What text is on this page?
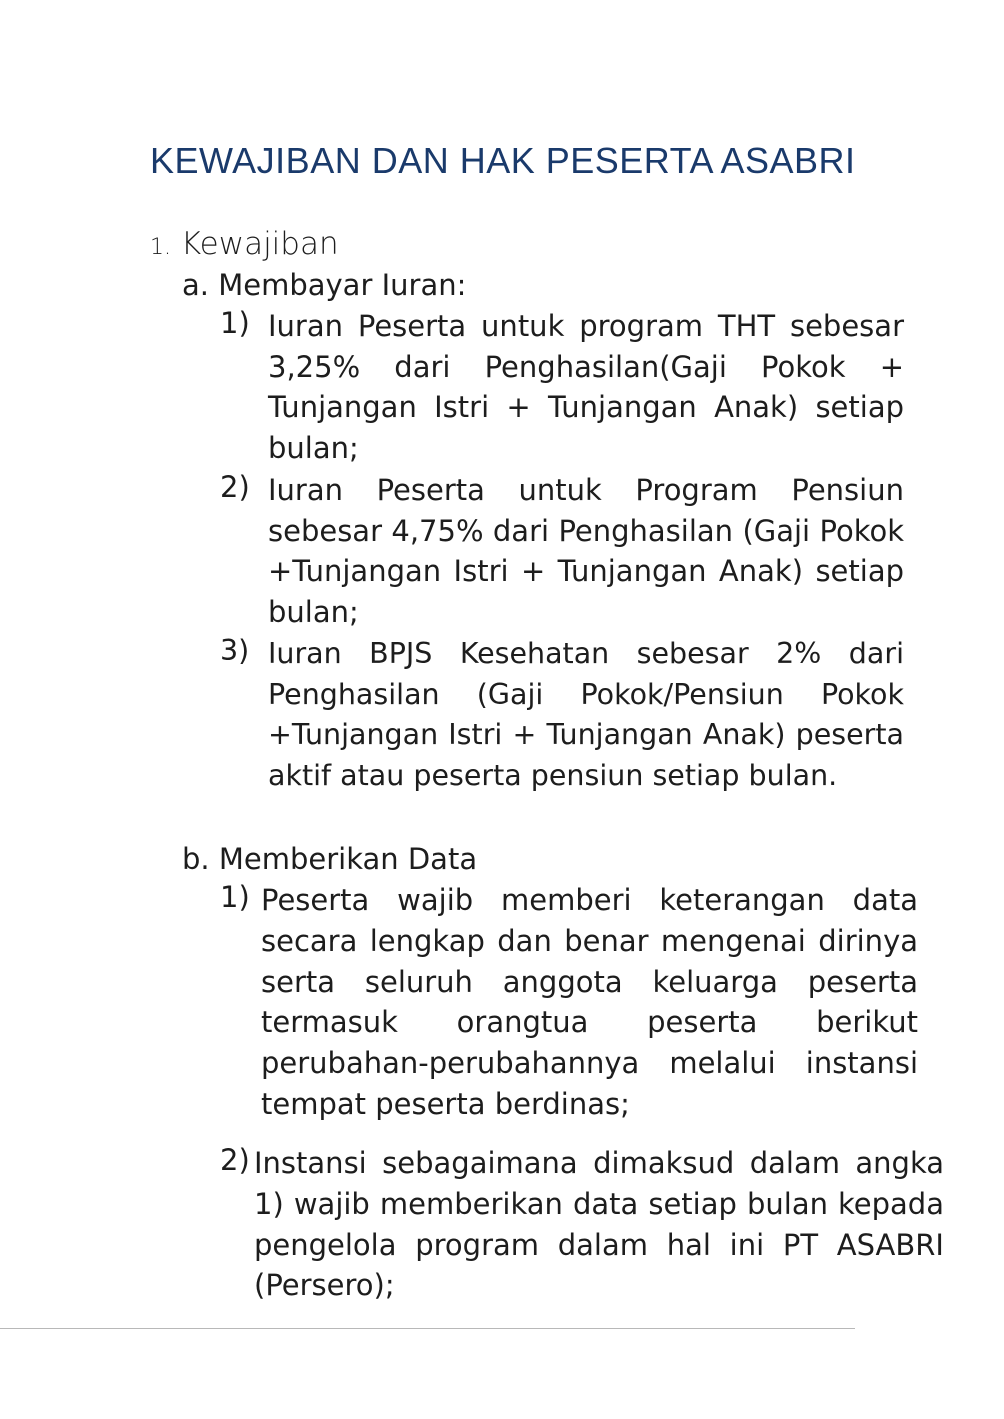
KEWAJIBAN DAN HAK PESERTA ASABRI
1. Kewajiban
a. Membayar Iuran:
1) Iuran Peserta untuk program THT sebesar 3,25% dari Penghasilan(Gaji Pokok + Tunjangan Istri + Tunjangan Anak) setiap bulan;
2) Iuran Peserta untuk Program Pensiun sebesar 4,75% dari Penghasilan (Gaji Pokok +Tunjangan Istri + Tunjangan Anak) setiap bulan;
3) Iuran BPJS Kesehatan sebesar 2% dari Penghasilan (Gaji Pokok/Pensiun Pokok +Tunjangan Istri + Tunjangan Anak) peserta aktif atau peserta pensiun setiap bulan.
b. Memberikan Data
1) Peserta wajib memberi keterangan data secara lengkap dan benar mengenai dirinya serta seluruh anggota keluarga peserta termasuk orangtua peserta berikut perubahan-perubahannya melalui instansi tempat peserta berdinas;
2) Instansi sebagaimana dimaksud dalam angka 1) wajib memberikan data setiap bulan kepada pengelola program dalam hal ini PT ASABRI (Persero);
